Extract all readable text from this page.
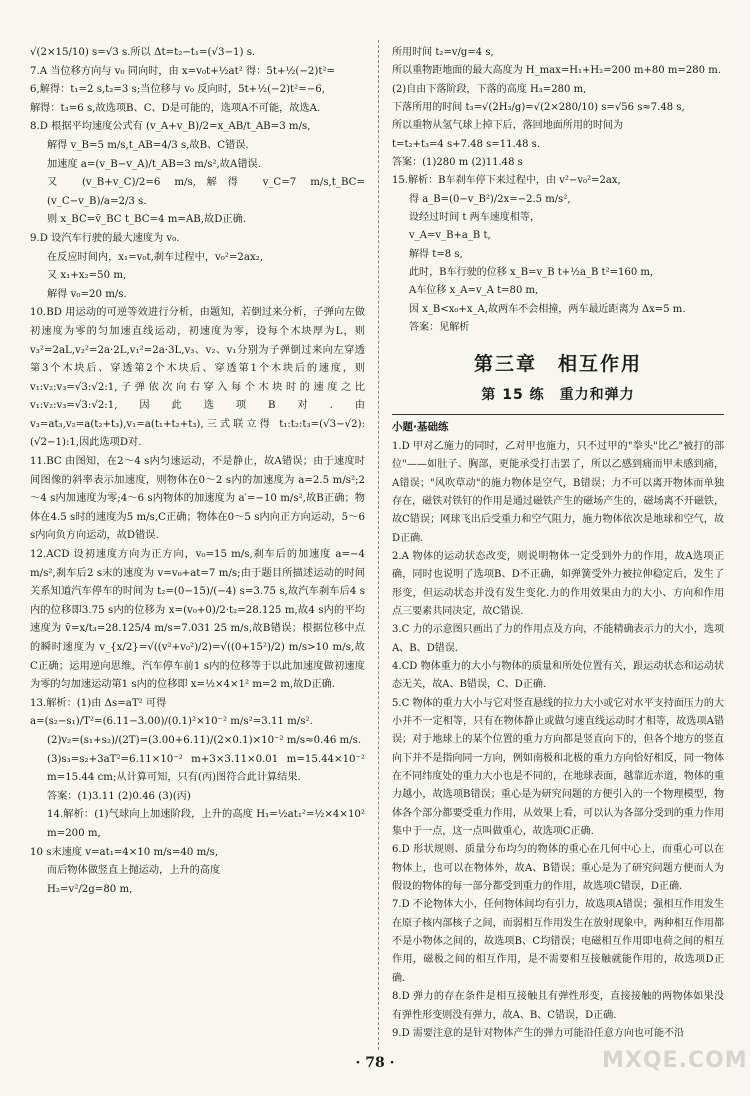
√(2×15/10) s=√3 s.所以 Δt=t₂−t₁=(√3−1) s.

7.A 当位移方向与 v₀ 同向时，由 x=v₀t+½at² 得：5t+½(−2)t²=

6,解得：t₁=2 s,t₂=3 s;当位移与 v₀ 反向时，5t+½(−2)t²=−6,

解得：t₃=6 s,故选项B、C、D是可能的，选项A不可能，故选A.

8.D 根据平均速度公式有 (v_A+v_B)/2=x_AB/t_AB=3 m/s,

解得 v_B=5 m/s,t_AB=4/3 s,故B、C错误.

加速度 a=(v_B−v_A)/t_AB=3 m/s²,故A错误.

又 (v_B+v_C)/2=6 m/s,解得 v_C=7 m/s,t_BC=(v_C−v_B)/a=2/3 s.

则 x_BC=v̄_BC t_BC=4 m=AB,故D正确.

9.D 设汽车行驶的最大速度为 v₀.

在反应时间内，x₁=v₀t,刹车过程中，v₀²=2ax₂,

又 x₁+x₂=50 m,

解得 v₀=20 m/s.

10.BD 用运动的可逆等效进行分析，由题知，若倒过来分析，子弹向左做初速度为零的匀加速直线运动，初速度为零，设每个木块厚为L，则 v₃²=2aL,v₂²=2a·2L,v₁²=2a·3L,v₃、v₂、v₁分别为子弹倒过来向左穿透第3个木块后、穿透第2个木块后、穿透第1个木块后的速度，则 v₁:v₂:v₃=√3:√2:1,子弹依次向右穿入每个木块时的速度之比 v₁:v₂:v₃=√3:√2:1,因此选项B对.由 v₃=at₃,v₂=a(t₂+t₃),v₁=a(t₁+t₂+t₃),三式联立得 t₁:t₂:t₃=(√3−√2):(√2−1):1,因此选项D对.

11.BC 由图知，在2～4 s内匀速运动，不是静止，故A错误；由于速度时间图像的斜率表示加速度，则物体在0～2 s内的加速度为 a=2.5 m/s²;2～4 s内加速度为零;4～6 s内物体的加速度为 a′=−10 m/s²,故B正确；物体在4.5 s时的速度为5 m/s,C正确；物体在0～5 s内向正方向运动，5～6 s内向负方向运动，故D错误.

12.ACD 设初速度方向为正方向，v₀=15 m/s,刹车后的加速度 a=−4 m/s²,刹车后2 s末的速度为 v=v₀+at=7 m/s;由于题目所描述运动的时间关系知道汽车停车的时间为 t₂=(0−15)/(−4) s=3.75 s,故汽车刹车后4 s内的位移即3.75 s内的位移为 x=(v₀+0)/2·t₂=28.125 m,故4 s内的平均速度为 v̄=x/t₃=28.125/4 m/s=7.031 25 m/s,故B错误；根据位移中点的瞬时速度为 v_{x/2}=√((v²+v₀²)/2)=√((0+15²)/2) m/s>10 m/s,故C正确；运用逆向思维，汽车停车前1 s内的位移等于以此加速度做初速度为零的匀加速运动第1 s内的位移即 x=½×4×1² m=2 m,故D正确.

13.解析：(1)由 Δs=aT² 可得

a=(s₂−s₁)/T²=(6.11−3.00)/(0.1)²×10⁻² m/s²=3.11 m/s².

(2)v₂=(s₁+s₂)/(2T)=(3.00+6.11)/(2×0.1)×10⁻² m/s≈0.46 m/s.

(3)s₃=s₂+3aT²=6.11×10⁻² m+3×3.11×0.01 m=15.44×10⁻² m=15.44 cm;从计算可知，只有(丙)图符合此计算结果.

答案：(1)3.11 (2)0.46 (3)(丙)

14.解析：(1)气球向上加速阶段，上升的高度 H₁=½at₁²=½×4×10² m=200 m,

10 s末速度 v=at₁=4×10 m/s=40 m/s,

而后物体做竖直上抛运动，上升的高度

H₂=v²/2g=80 m,

所用时间 t₂=v/g=4 s,

所以重物距地面的最大高度为 H_max=H₁+H₂=200 m+80 m=280 m.

(2)自由下落阶段，下落的高度 H₃=280 m,

下落所用的时间 t₃=√(2H₃/g)=√(2×280/10) s=√56 s≈7.48 s,

所以重物从氢气球上掉下后，落回地面所用的时间为

t=t₂+t₃=4 s+7.48 s=11.48 s.

答案：(1)280 m (2)11.48 s

15.解析：B车刹车停下来过程中，由 v²−v₀²=2ax,

得 a_B=(0−v_B²)/2x=−2.5 m/s²,

设经过时间 t 两车速度相等，

v_A=v_B+a_B t,

解得 t=8 s,

此时，B车行驶的位移 x_B=v_B t+½a_B t²=160 m,

A车位移 x_A=v_A t=80 m,

因 x_B<x₀+x_A,故两车不会相撞，两车最近距离为 Δx=5 m.

答案：见解析

第三章　相互作用
第 15 练　重力和弹力
小题·基础练

1.D 甲对乙施力的同时，乙对甲也施力，只不过甲的"拳头"比乙"被打的部位"——如肚子、胸部，更能承受打击罢了，所以乙感到痛而甲未感到痛，A错误；"风吹草动"的施力物体是空气，B错误；力不可以离开物体而单独存在，磁铁对铁钉的作用是通过磁铁产生的磁场产生的，磁场离不开磁铁，故C错误；网球飞出后受重力和空气阻力，施力物体依次是地球和空气，故D正确.

2.A 物体的运动状态改变，则说明物体一定受到外力的作用，故A选项正确，同时也说明了选项B、D不正确，如弹簧受外力被拉伸稳定后，发生了形变，但运动状态并没有发生变化.力的作用效果由力的大小、方向和作用点三要素共同决定，故C错误.

3.C 力的示意图只画出了力的作用点及方向，不能精确表示力的大小，选项A、B、D错误.

4.CD 物体重力的大小与物体的质量和所处位置有关，跟运动状态和运动状态无关，故A、B错误，C、D正确.

5.C 物体的重力大小与它对竖直悬线的拉力大小或它对水平支持面压力的大小并不一定相等，只有在物体静止或做匀速直线运动时才相等，故选项A错误；对于地球上的某个位置的重力方向都是竖直向下的，但各个地方的竖直向下并不是指向同一方向，例如南极和北极的重力方向恰好相反，同一物体在不同纬度处的重力大小也是不同的，在地球表面，越靠近赤道，物体的重力越小，故选项B错误；重心是为研究问题的方便引入的一个物理模型，物体各个部分都要受重力作用，从效果上看，可以认为各部分受到的重力作用集中于一点，这一点叫做重心，故选项C正确.

6.D 形状规则、质量分布均匀的物体的重心在几何中心上，而重心可以在物体上，也可以在物体外，故A、B错误；重心是为了研究问题方便而人为假设的物体的每一部分都受到重力的作用，故选项C错误，D正确.

7.D 不论物体大小，任何物体间均有引力，故选项A错误；强相互作用发生在原子核内部核子之间，而弱相互作用发生在放射现象中，两种相互作用都不是小物体之间的，故选项B、C均错误；电磁相互作用即电荷之间的相互作用，磁极之间的相互作用，是不需要相互接触就能作用的，故选项D正确.

8.D 弹力的存在条件是相互接触且有弹性形变，直接接触的两物体如果没有弹性形变则没有弹力，故A、B、C错误，D正确.

9.D 需要注意的是针对物体产生的弹力可能沿任意方向也可能不沿

· 78 ·	MXQE.COM
